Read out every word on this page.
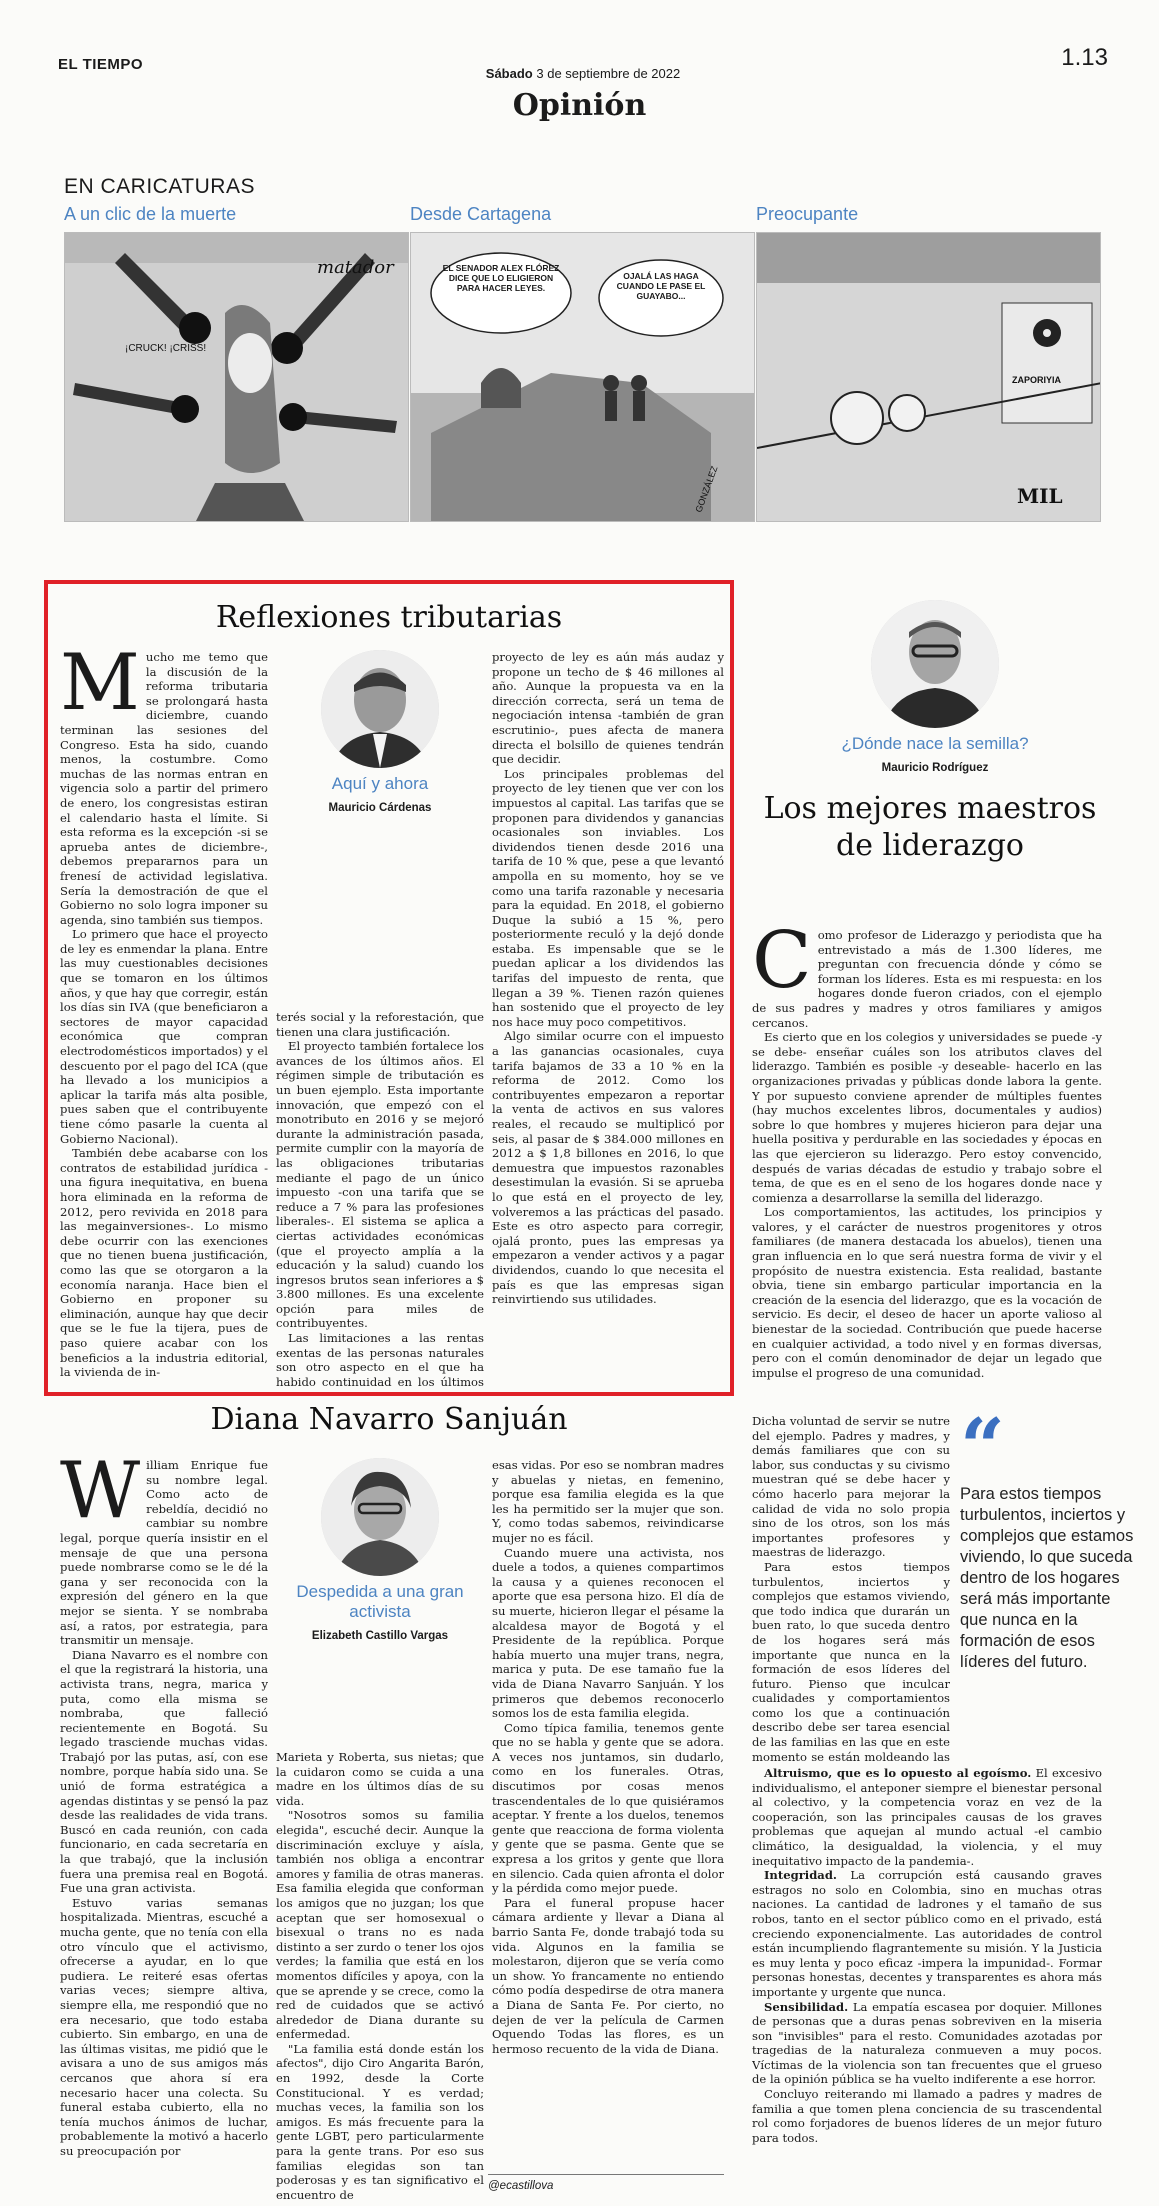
EL TIEMPO
Sábado 3 de septiembre de 2022
1.13
Opinión
EN CARICATURAS
A un clic de la muerte
matador
¡CRUCK! ¡CRISS!
Desde Cartagena
EL SENADOR ALEX FLÓREZ DICE QUE LO ELIGIERON PARA HACER LEYES.
OJALÁ LAS HAGA CUANDO LE PASE EL GUAYABO...
GONZÁLEZ
Preocupante
ZAPORIYIA
MIL
Reflexiones tributarias
M ucho me temo que la discusión de la reforma tributaria se prolongará hasta diciembre, cuando terminan las sesiones del Congreso. Esta ha sido, cuando menos, la costumbre. Como muchas de las normas entran en vigencia solo a partir del primero de enero, los congresistas estiran el calendario hasta el límite. Si esta reforma es la excepción -si se aprueba antes de diciembre-, debemos prepararnos para un frenesí de actividad legislativa. Sería la demostración de que el Gobierno no solo logra imponer su agenda, sino también sus tiempos.

Lo primero que hace el proyecto de ley es enmendar la plana. Entre las muy cuestionables decisiones que se tomaron en los últimos años, y que hay que corregir, están los días sin IVA (que beneficiaron a sectores de mayor capacidad económica que compran electrodomésticos importados) y el descuento por el pago del ICA (que ha llevado a los municipios a aplicar la tarifa más alta posible, pues saben que el contribuyente tiene cómo pasarle la cuenta al Gobierno Nacional).

También debe acabarse con los contratos de estabilidad jurídica -una figura inequitativa, en buena hora eliminada en la reforma de 2012, pero revivida en 2018 para las megainversiones-. Lo mismo debe ocurrir con las exenciones que no tienen buena justificación, como las que se otorgaron a la economía naranja. Hace bien el Gobierno en proponer su eliminación, aunque hay que decir que se le fue la tijera, pues de paso quiere acabar con los beneficios a la industria editorial, la vivienda de in-

Aquí y ahora
Mauricio Cárdenas

terés social y la reforestación, que tienen una clara justificación.

El proyecto también fortalece los avances de los últimos años. El régimen simple de tributación es un buen ejemplo. Esta importante innovación, que empezó con el monotributo en 2016 y se mejoró durante la administración pasada, permite cumplir con la mayoría de las obligaciones tributarias mediante el pago de un único impuesto -con una tarifa que se reduce a 7 % para las profesiones liberales-. El sistema se aplica a ciertas actividades económicas (que el proyecto amplía a la educación y la salud) cuando los ingresos brutos sean inferiores a $ 3.800 millones. Es una excelente opción para miles de contribuyentes.

Las limitaciones a las rentas exentas de las personas naturales son otro aspecto en el que ha habido continuidad en los últimos

proyecto de ley es aún más audaz y propone un techo de $ 46 millones al año. Aunque la propuesta va en la dirección correcta, será un tema de negociación intensa -también de gran escrutinio-, pues afecta de manera directa el bolsillo de quienes tendrán que decidir.

Los principales problemas del proyecto de ley tienen que ver con los impuestos al capital. Las tarifas que se proponen para dividendos y ganancias ocasionales son inviables. Los dividendos tienen desde 2016 una tarifa de 10 % que, pese a que levantó ampolla en su momento, hoy se ve como una tarifa razonable y necesaria para la equidad. En 2018, el gobierno Duque la subió a 15 %, pero posteriormente reculó y la dejó donde estaba. Es impensable que se le puedan aplicar a los dividendos las tarifas del impuesto de renta, que llegan a 39 %. Tienen razón quienes han sostenido que el proyecto de ley nos hace muy poco competitivos.

Algo similar ocurre con el impuesto a las ganancias ocasionales, cuya tarifa bajamos de 33 a 10 % en la reforma de 2012. Como los contribuyentes empezaron a reportar la venta de activos en sus valores reales, el recaudo se multiplicó por seis, al pasar de $ 384.000 millones en 2012 a $ 1,8 billones en 2016, lo que demuestra que impuestos razonables desestimulan la evasión. Si se aprueba lo que está en el proyecto de ley, volveremos a las prácticas del pasado. Este es otro aspecto para corregir, ojalá pronto, pues las empresas ya empezaron a vender activos y a pagar dividendos, cuando lo que necesita el país es que las empresas sigan reinvirtiendo sus utilidades.

¿Dónde nace la semilla?
Mauricio Rodríguez
Los mejores maestros de liderazgo
C omo profesor de Liderazgo y periodista que ha entrevistado a más de 1.300 líderes, me preguntan con frecuencia dónde y cómo se forman los líderes. Esta es mi respuesta: en los hogares donde fueron criados, con el ejemplo de sus padres y madres y otros familiares y amigos cercanos.

Es cierto que en los colegios y universidades se puede -y se debe- enseñar cuáles son los atributos claves del liderazgo. También es posible -y deseable- hacerlo en las organizaciones privadas y públicas donde labora la gente. Y por supuesto conviene aprender de múltiples fuentes (hay muchos excelentes libros, documentales y audios) sobre lo que hombres y mujeres hicieron para dejar una huella positiva y perdurable en las sociedades y épocas en las que ejercieron su liderazgo. Pero estoy convencido, después de varias décadas de estudio y trabajo sobre el tema, de que es en el seno de los hogares donde nace y comienza a desarrollarse la semilla del liderazgo.

Los comportamientos, las actitudes, los principios y valores, y el carácter de nuestros progenitores y otros familiares (de manera destacada los abuelos), tienen una gran influencia en lo que será nuestra forma de vivir y el propósito de nuestra existencia. Esta realidad, bastante obvia, tiene sin embargo particular importancia en la creación de la esencia del liderazgo, que es la vocación de servicio. Es decir, el deseo de hacer un aporte valioso al bienestar de la sociedad. Contribución que puede hacerse en cualquier actividad, a todo nivel y en formas diversas, pero con el común denominador de dejar un legado que impulse el progreso de una comunidad.

Dicha voluntad de servir se nutre del ejemplo. Padres y madres, y demás familiares que con su labor, sus conductas y su civismo muestran qué se debe hacer y cómo hacerlo para mejorar la calidad de vida no solo propia sino de los otros, son los más importantes profesores y maestras de liderazgo.

Para estos tiempos turbulentos, inciertos y complejos que estamos viviendo, que todo indica que durarán un buen rato, lo que suceda dentro de los hogares será más importante que nunca en la formación de esos líderes del futuro. Pienso que inculcar cualidades y comportamientos como los que a continuación describo debe ser tarea esencial de las familias en las que en este momento se están moldeando las

“
Para estos tiempos turbulentos, inciertos y complejos que estamos viviendo, lo que suceda dentro de los hogares será más importante que nunca en la formación de esos líderes del futuro.

Altruismo, que es lo opuesto al egoísmo. El excesivo individualismo, el anteponer siempre el bienestar personal al colectivo, y la competencia voraz en vez de la cooperación, son las principales causas de los graves problemas que aquejan al mundo actual -el cambio climático, la desigualdad, la violencia, y el muy inequitativo impacto de la pandemia-.

Integridad. La corrupción está causando graves estragos no solo en Colombia, sino en muchas otras naciones. La cantidad de ladrones y el tamaño de sus robos, tanto en el sector público como en el privado, está creciendo exponencialmente. Las autoridades de control están incumpliendo flagrantemente su misión. Y la Justicia es muy lenta y poco eficaz -impera la impunidad-. Formar personas honestas, decentes y transparentes es ahora más importante y urgente que nunca.

Sensibilidad. La empatía escasea por doquier. Millones de personas que a duras penas sobreviven en la miseria son "invisibles" para el resto. Comunidades azotadas por tragedias de la naturaleza conmueven a muy pocos. Víctimas de la violencia son tan frecuentes que el grueso de la opinión pública se ha vuelto indiferente a ese horror.

Concluyo reiterando mi llamado a padres y madres de familia a que tomen plena conciencia de su trascendental rol como forjadores de buenos líderes de un mejor futuro para todos.

Diana Navarro Sanjuán
W illiam Enrique fue su nombre legal. Como acto de rebeldía, decidió no cambiar su nombre legal, porque quería insistir en el mensaje de que una persona puede nombrarse como se le dé la gana y ser reconocida con la expresión del género en la que mejor se sienta. Y se nombraba así, a ratos, por estrategia, para transmitir un mensaje.

Diana Navarro es el nombre con el que la registrará la historia, una activista trans, negra, marica y puta, como ella misma se nombraba, que falleció recientemente en Bogotá. Su legado trasciende muchas vidas. Trabajó por las putas, así, con ese nombre, porque había sido una. Se unió de forma estratégica a agendas distintas y se pensó la paz desde las realidades de vida trans. Buscó en cada reunión, con cada funcionario, en cada secretaría en la que trabajó, que la inclusión fuera una premisa real en Bogotá. Fue una gran activista.

Estuvo varias semanas hospitalizada. Mientras, escuché a mucha gente, que no tenía con ella otro vínculo que el activismo, ofrecerse a ayudar, en lo que pudiera. Le reiteré esas ofertas varias veces; siempre altiva, siempre ella, me respondió que no era necesario, que todo estaba cubierto. Sin embargo, en una de las últimas visitas, me pidió que le avisara a uno de sus amigos más cercanos que ahora sí era necesario hacer una colecta. Su funeral estaba cubierto, ella no tenía muchos ánimos de luchar, probablemente la motivó a hacerlo su preocupación por

Despedida a una gran activista
Elizabeth Castillo Vargas

Marieta y Roberta, sus nietas; que la cuidaron como se cuida a una madre en los últimos días de su vida.

"Nosotros somos su familia elegida", escuché decir. Aunque la discriminación excluye y aísla, también nos obliga a encontrar amores y familia de otras maneras. Esa familia elegida que conforman los amigos que no juzgan; los que aceptan que ser homosexual o bisexual o trans no es nada distinto a ser zurdo o tener los ojos verdes; la familia que está en los momentos difíciles y apoya, con la que se aprende y se crece, como la red de cuidados que se activó alrededor de Diana durante su enfermedad.

"La familia está donde están los afectos", dijo Ciro Angarita Barón, en 1992, desde la Corte Constitucional. Y es verdad; muchas veces, la familia son los amigos. Es más frecuente para la gente LGBT, pero particularmente para la gente trans. Por eso sus familias elegidas son tan poderosas y es tan significativo el encuentro de

esas vidas. Por eso se nombran madres y abuelas y nietas, en femenino, porque esa familia elegida es la que les ha permitido ser la mujer que son. Y, como todas sabemos, reivindicarse mujer no es fácil.

Cuando muere una activista, nos duele a todos, a quienes compartimos la causa y a quienes reconocen el aporte que esa persona hizo. El día de su muerte, hicieron llegar el pésame la alcaldesa mayor de Bogotá y el Presidente de la república. Porque había muerto una mujer trans, negra, marica y puta. De ese tamaño fue la vida de Diana Navarro Sanjuán. Y los primeros que debemos reconocerlo somos los de esta familia elegida.

Como típica familia, tenemos gente que no se habla y gente que se adora. A veces nos juntamos, sin dudarlo, como en los funerales. Otras, discutimos por cosas menos trascendentales de lo que quisiéramos aceptar. Y frente a los duelos, tenemos gente que reacciona de forma violenta y gente que se pasma. Gente que se expresa a los gritos y gente que llora en silencio. Cada quien afronta el dolor y la pérdida como mejor puede.

Para el funeral propuse hacer cámara ardiente y llevar a Diana al barrio Santa Fe, donde trabajó toda su vida. Algunos en la familia se molestaron, dijeron que se vería como un show. Yo francamente no entiendo cómo podía despedirse de otra manera a Diana de Santa Fe. Por cierto, no dejen de ver la película de Carmen Oquendo Todas las flores, es un hermoso recuento de la vida de Diana.

@ecastillova
